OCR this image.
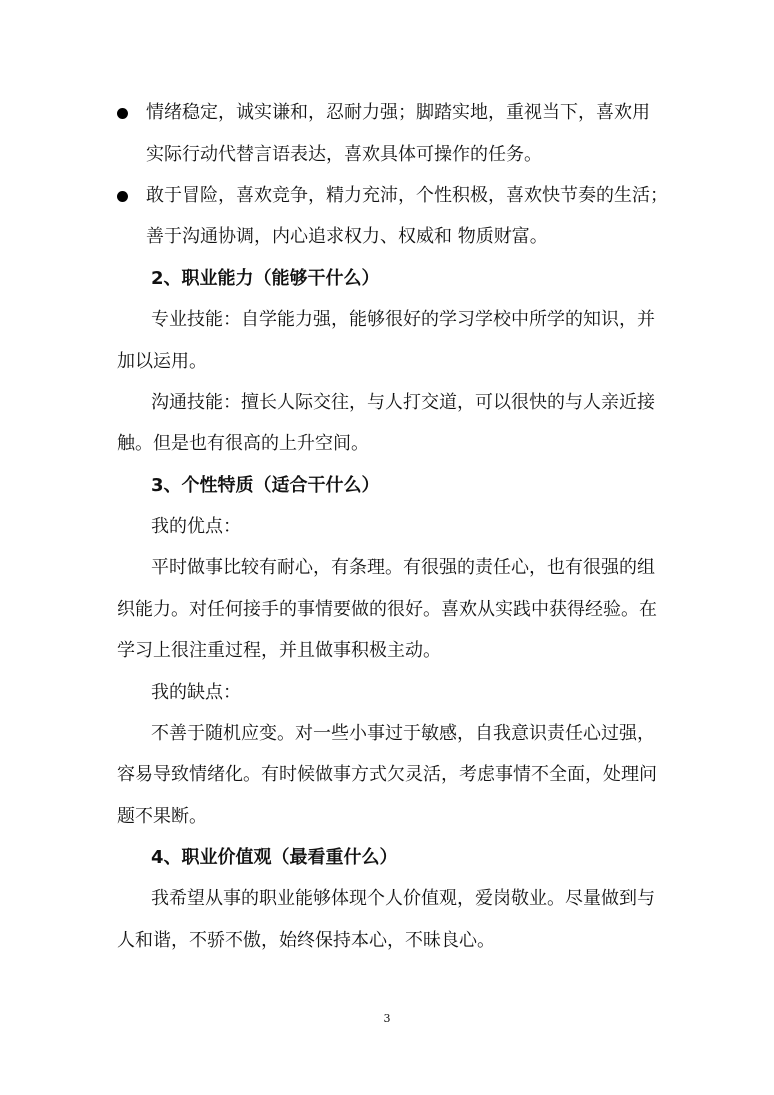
情绪稳定，诚实谦和，忍耐力强；脚踏实地，重视当下，喜欢用
实际行动代替言语表达，喜欢具体可操作的任务。
敢于冒险，喜欢竞争，精力充沛，个性积极，喜欢快节奏的生活；
善于沟通协调，内心追求权力、权威和 物质财富。
2、职业能力（能够干什么）
专业技能：自学能力强，能够很好的学习学校中所学的知识，并
加以运用。
沟通技能：擅长人际交往，与人打交道，可以很快的与人亲近接
触。但是也有很高的上升空间。
3、个性特质（适合干什么）
我的优点：
平时做事比较有耐心，有条理。有很强的责任心，也有很强的组
织能力。对任何接手的事情要做的很好。喜欢从实践中获得经验。在
学习上很注重过程，并且做事积极主动。
我的缺点：
不善于随机应变。对一些小事过于敏感，自我意识责任心过强，
容易导致情绪化。有时候做事方式欠灵活，考虑事情不全面，处理问
题不果断。
4、职业价值观（最看重什么）
我希望从事的职业能够体现个人价值观，爱岗敬业。尽量做到与
人和谐，不骄不傲，始终保持本心，不昧良心。
3
